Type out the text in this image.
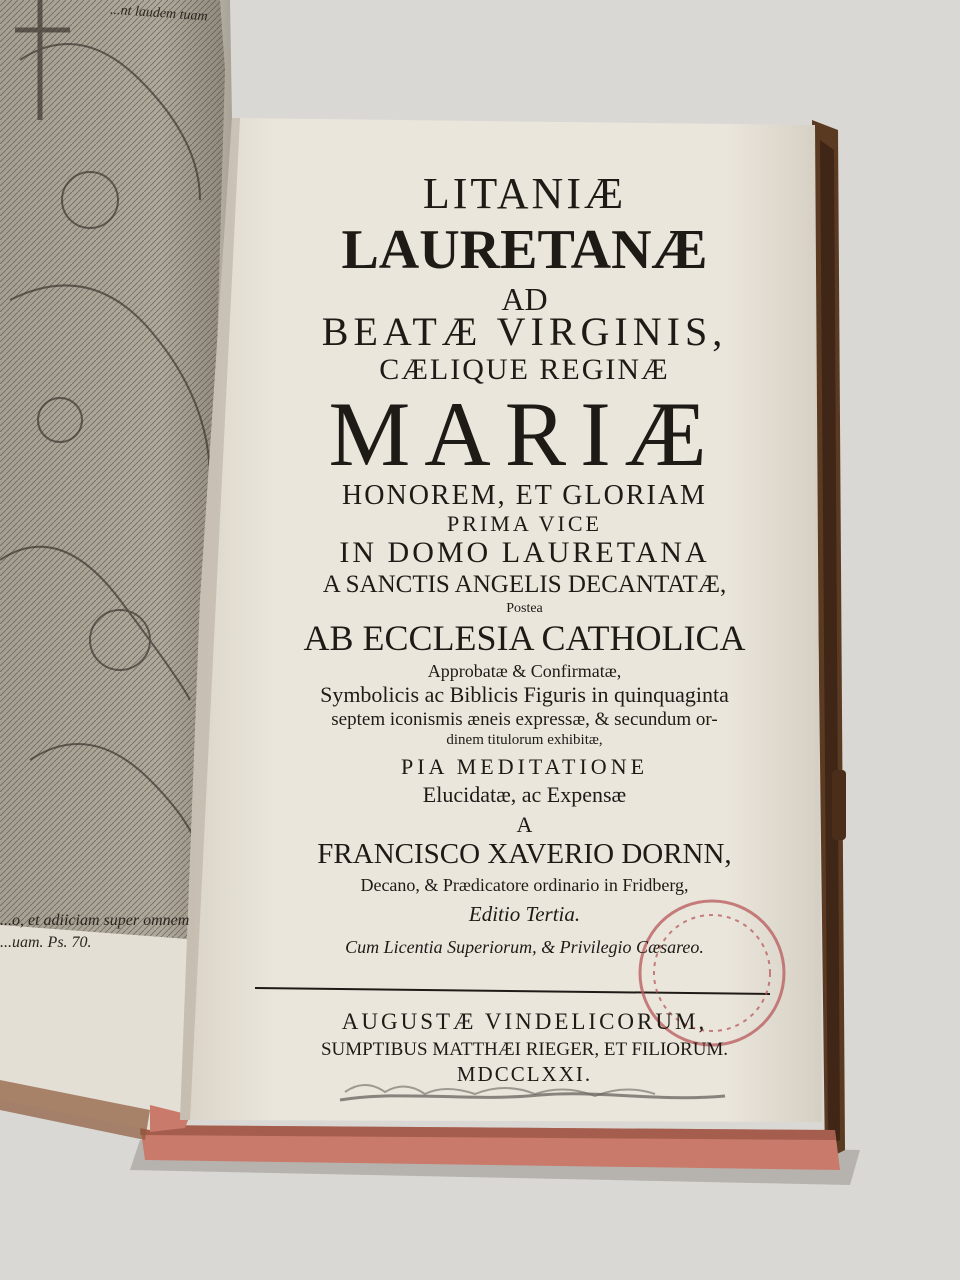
...nt laudem tuam
...o, et adiiciam super omnem
...uam. Ps. 70.
LITANIÆ
LAURETANÆ
AD
BEATÆ VIRGINIS,
CÆLIQUE REGINÆ
MARIÆ
HONOREM, ET GLORIAM
PRIMA VICE
IN DOMO LAURETANA
A SANCTIS ANGELIS DECANTATÆ,
Postea
AB ECCLESIA CATHOLICA
Approbatæ & Confirmatæ,
Symbolicis ac Biblicis Figuris in quinquaginta
septem iconismis æneis expressæ, & secundum or-
dinem titulorum exhibitæ,
PIA MEDITATIONE
Elucidatæ, ac Expensæ
A
FRANCISCO XAVERIO DORNN,
Decano, & Prædicatore ordinario in Fridberg,
Editio Tertia.
Cum Licentia Superiorum, & Privilegio Cæsareo.
AUGUSTÆ VINDELICORUM,
SUMPTIBUS MATTHÆI RIEGER, ET FILIORUM.
MDCCLXXI.
